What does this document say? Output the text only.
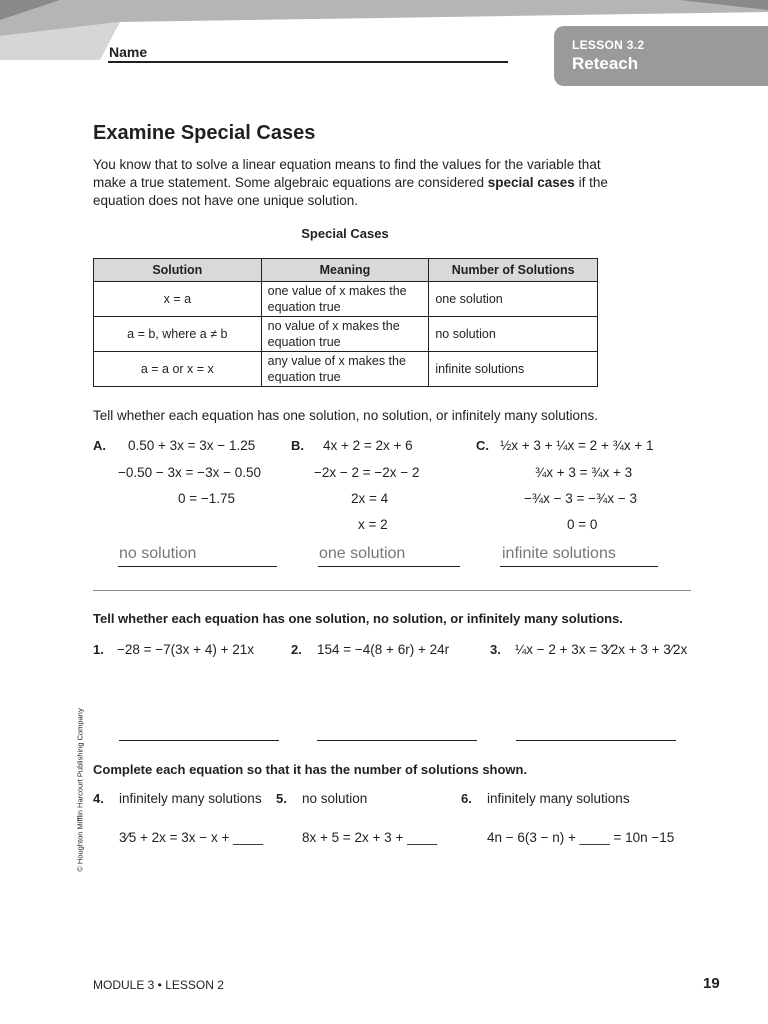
Name	LESSON 3.2
Reteach
Examine Special Cases
You know that to solve a linear equation means to find the values for the variable that make a true statement. Some algebraic equations are considered special cases if the equation does not have one unique solution.
Special Cases
Solution	Meaning	Number of Solutions
x = a	one value of x makes the equation true	one solution
a = b, where a ≠ b	no value of x makes the equation true	no solution
a = a or x = x	any value of x makes the equation true	infinite solutions
Tell whether each equation has one solution, no solution, or infinitely many solutions.
A. 0.50 + 3x = 3x − 1.25
−0.50 − 3x = −3x − 0.50
0 = −1.75
no solution
B. 4x + 2 = 2x + 6
−2x − 2 = −2x − 2
2x = 4
x = 2
one solution
C. ½x + 3 + ¼x = 2 + ¾x + 1
¾x + 3 = ¾x + 3
−¾x − 3 = −¾x − 3
0 = 0
infinite solutions
Tell whether each equation has one solution, no solution, or infinitely many solutions.
1. −28 = −7(3x + 4) + 21x	2. 154 = −4(8 + 6r) + 24r	3. ¼x − 2 + 3x = 3⁄2x + 3 + 3⁄2x
Complete each equation so that it has the number of solutions shown.
4. infinitely many solutions 5. no solution	6. infinitely many solutions
3⁄5 + 2x = 3x − x + ____	8x + 5 = 2x + 3 + ____	4n − 6(3 − n) + ____ = 10n −15
© Houghton Mifflin Harcourt Publishing Company
MODULE 3 • LESSON 2	19
